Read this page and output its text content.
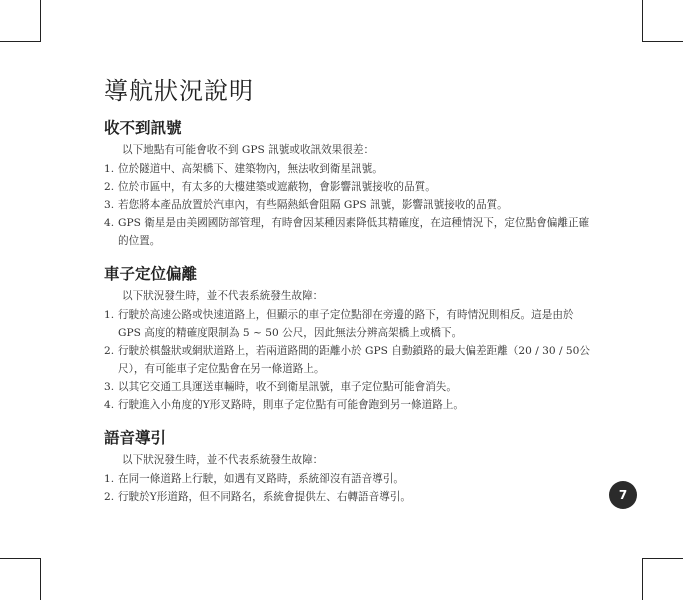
導航狀況說明
收不到訊號

以下地點有可能會收不到 GPS 訊號或收訊效果很差：

1. 位於隧道中、高架橋下、建築物內，無法收到衛星訊號。
2. 位於市區中，有太多的大樓建築或遮蔽物，會影響訊號接收的品質。
3. 若您將本產品放置於汽車內，有些隔熱紙會阻隔 GPS 訊號，影響訊號接收的品質。
4. GPS 衛星是由美國國防部管理，有時會因某種因素降低其精確度，在這種情況下，定位點會偏離正確的位置。
車子定位偏離

以下狀況發生時，並不代表系統發生故障：

1. 行駛於高速公路或快速道路上，但顯示的車子定位點卻在旁邊的路下，有時情況則相反。這是由於 GPS 高度的精確度限制為 5 ~ 50 公尺，因此無法分辨高架橋上或橋下。
2. 行駛於棋盤狀或網狀道路上，若兩道路間的距離小於 GPS 自動鎖路的最大偏差距離（20 / 30 / 50公尺），有可能車子定位點會在另一條道路上。
3. 以其它交通工具運送車輛時，收不到衛星訊號，車子定位點可能會消失。
4. 行駛進入小角度的Y形叉路時，則車子定位點有可能會跑到另一條道路上。
語音導引

以下狀況發生時，並不代表系統發生故障：

1. 在同一條道路上行駛，如遇有叉路時，系統卻沒有語音導引。
2. 行駛於Y形道路，但不同路名，系統會提供左、右轉語音導引。	7
